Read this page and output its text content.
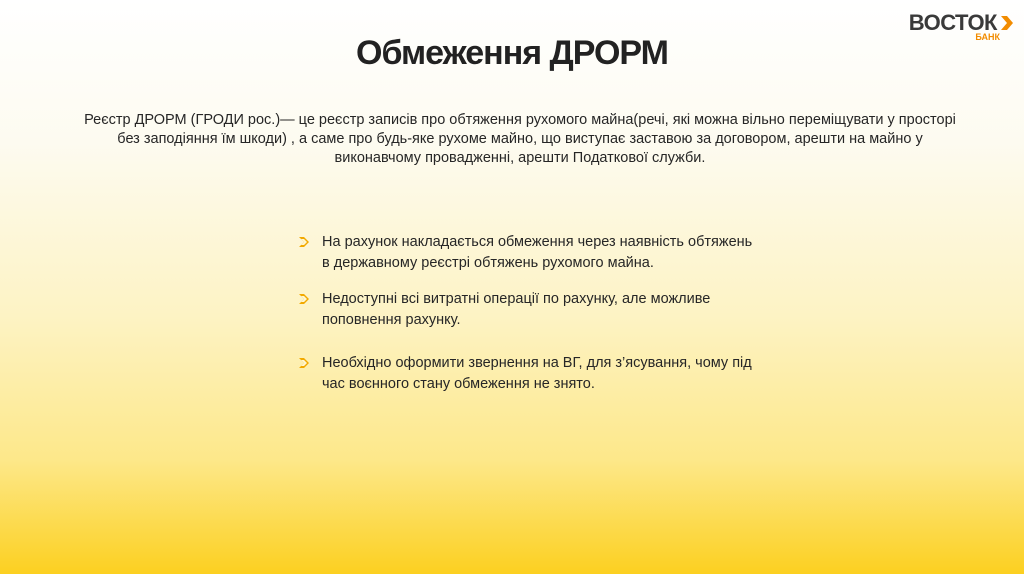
ВОСТОК
БАНК
Обмеження ДРОРМ

Реєстр ДРОРМ (ГРОДИ рос.)— це реєстр записів про обтяження рухомого майна(речі, які можна вільно переміщувати у просторі без заподіяння їм шкоди) , а саме про будь-яке рухоме майно, що виступає заставою за договором, арешти на майно у виконавчому провадженні, арешти Податкової служби.

На рахунок накладається обмеження через наявність обтяжень
в державному реєстрі обтяжень рухомого майна.
Недоступні всі витратні операції по рахунку, але можливе
поповнення рахунку.
Необхідно оформити звернення на ВГ, для з’ясування, чому під
час воєнного стану обмеження не знято.
